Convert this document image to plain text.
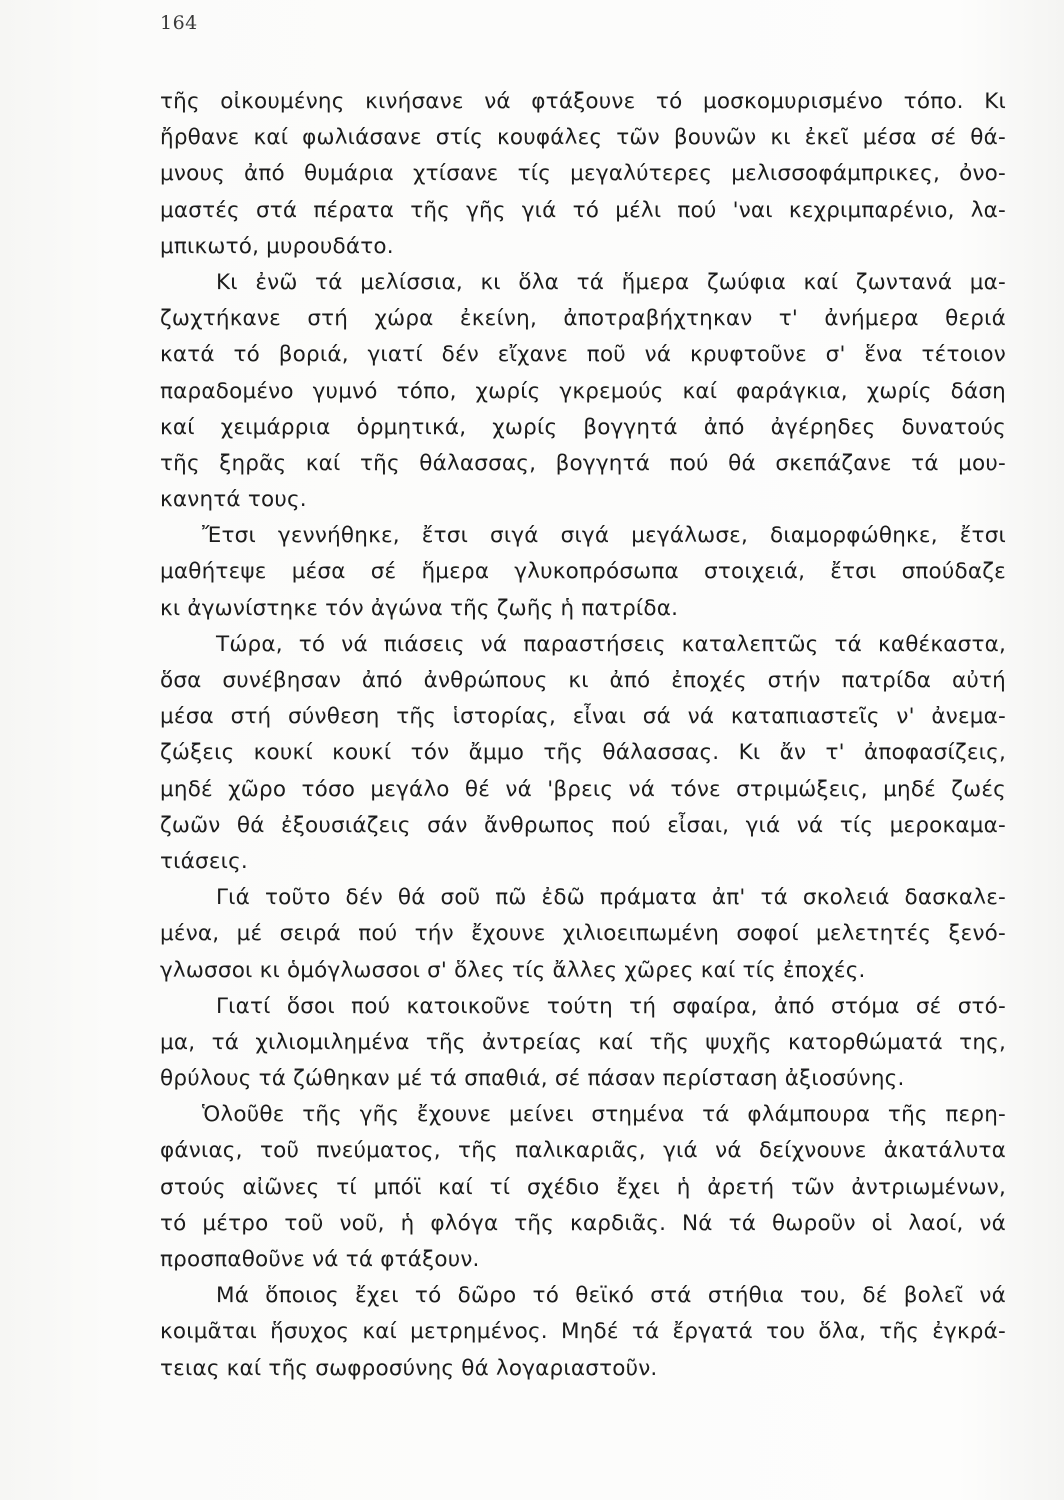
164
τῆς οἰκουμένης κινήσανε νά φτάξουνε τό μοσκομυρισμένο τόπο. Κι
ἤρθανε καί φωλιάσανε στίς κουφάλες τῶν βουνῶν κι ἐκεῖ μέσα σέ θά-
μνους ἀπό θυμάρια χτίσανε τίς μεγαλύτερες μελισσοφάμπρικες, ὀνο-
μαστές στά πέρατα τῆς γῆς γιά τό μέλι πού 'ναι κεχριμπαρένιο, λα-
μπικωτό, μυρουδάτο.
Κι ἐνῶ τά μελίσσια, κι ὅλα τά ἥμερα ζωύφια καί ζωντανά μα-
ζωχτήκανε στή χώρα ἐκείνη, ἀποτραβήχτηκαν τ' ἀνήμερα θεριά
κατά τό βοριά, γιατί δέν εἴχανε ποῦ νά κρυφτοῦνε σ' ἕνα τέτοιον
παραδομένο γυμνό τόπο, χωρίς γκρεμούς καί φαράγκια, χωρίς δάση
καί χειμάρρια ὁρμητικά, χωρίς βογγητά ἀπό ἀγέρηδες δυνατούς
τῆς ξηρᾶς καί τῆς θάλασσας, βογγητά πού θά σκεπάζανε τά μου-
κανητά τους.
Ἔτσι γεννήθηκε, ἔτσι σιγά σιγά μεγάλωσε, διαμορφώθηκε, ἔτσι
μαθήτεψε μέσα σέ ἥμερα γλυκοπρόσωπα στοιχειά, ἔτσι σπούδαζε
κι ἀγωνίστηκε τόν ἀγώνα τῆς ζωῆς ἡ πατρίδα.
Τώρα, τό νά πιάσεις νά παραστήσεις καταλεπτῶς τά καθέκαστα,
ὅσα συνέβησαν ἀπό ἀνθρώπους κι ἀπό ἐποχές στήν πατρίδα αὐτή
μέσα στή σύνθεση τῆς ἱστορίας, εἶναι σά νά καταπιαστεῖς ν' ἀνεμα-
ζώξεις κουκί κουκί τόν ἄμμο τῆς θάλασσας. Κι ἄν τ' ἀποφασίζεις,
μηδέ χῶρο τόσο μεγάλο θέ νά 'βρεις νά τόνε στριμώξεις, μηδέ ζωές
ζωῶν θά ἐξουσιάζεις σάν ἄνθρωπος πού εἶσαι, γιά νά τίς μεροκαμα-
τιάσεις.
Γιά τοῦτο δέν θά σοῦ πῶ ἐδῶ πράματα ἀπ' τά σκολειά δασκαλε-
μένα, μέ σειρά πού τήν ἔχουνε χιλιοειπωμένη σοφοί μελετητές ξενό-
γλωσσοι κι ὁμόγλωσσοι σ' ὅλες τίς ἄλλες χῶρες καί τίς ἐποχές.
Γιατί ὅσοι πού κατοικοῦνε τούτη τή σφαίρα, ἀπό στόμα σέ στό-
μα, τά χιλιομιλημένα τῆς ἀντρείας καί τῆς ψυχῆς κατορθώματά της,
θρύλους τά ζώθηκαν μέ τά σπαθιά, σέ πάσαν περίσταση ἀξιοσύνης.
Ὁλοῦθε τῆς γῆς ἔχουνε μείνει στημένα τά φλάμπουρα τῆς περη-
φάνιας, τοῦ πνεύματος, τῆς παλικαριᾶς, γιά νά δείχνουνε ἀκατάλυτα
στούς αἰῶνες τί μπόϊ καί τί σχέδιο ἔχει ἡ ἀρετή τῶν ἀντριωμένων,
τό μέτρο τοῦ νοῦ, ἡ φλόγα τῆς καρδιᾶς. Νά τά θωροῦν οἱ λαοί, νά
προσπαθοῦνε νά τά φτάξουν.
Μά ὅποιος ἔχει τό δῶρο τό θεϊκό στά στήθια του, δέ βολεῖ νά
κοιμᾶται ἥσυχος καί μετρημένος. Μηδέ τά ἔργατά του ὅλα, τῆς ἐγκρά-
τειας καί τῆς σωφροσύνης θά λογαριαστοῦν.
